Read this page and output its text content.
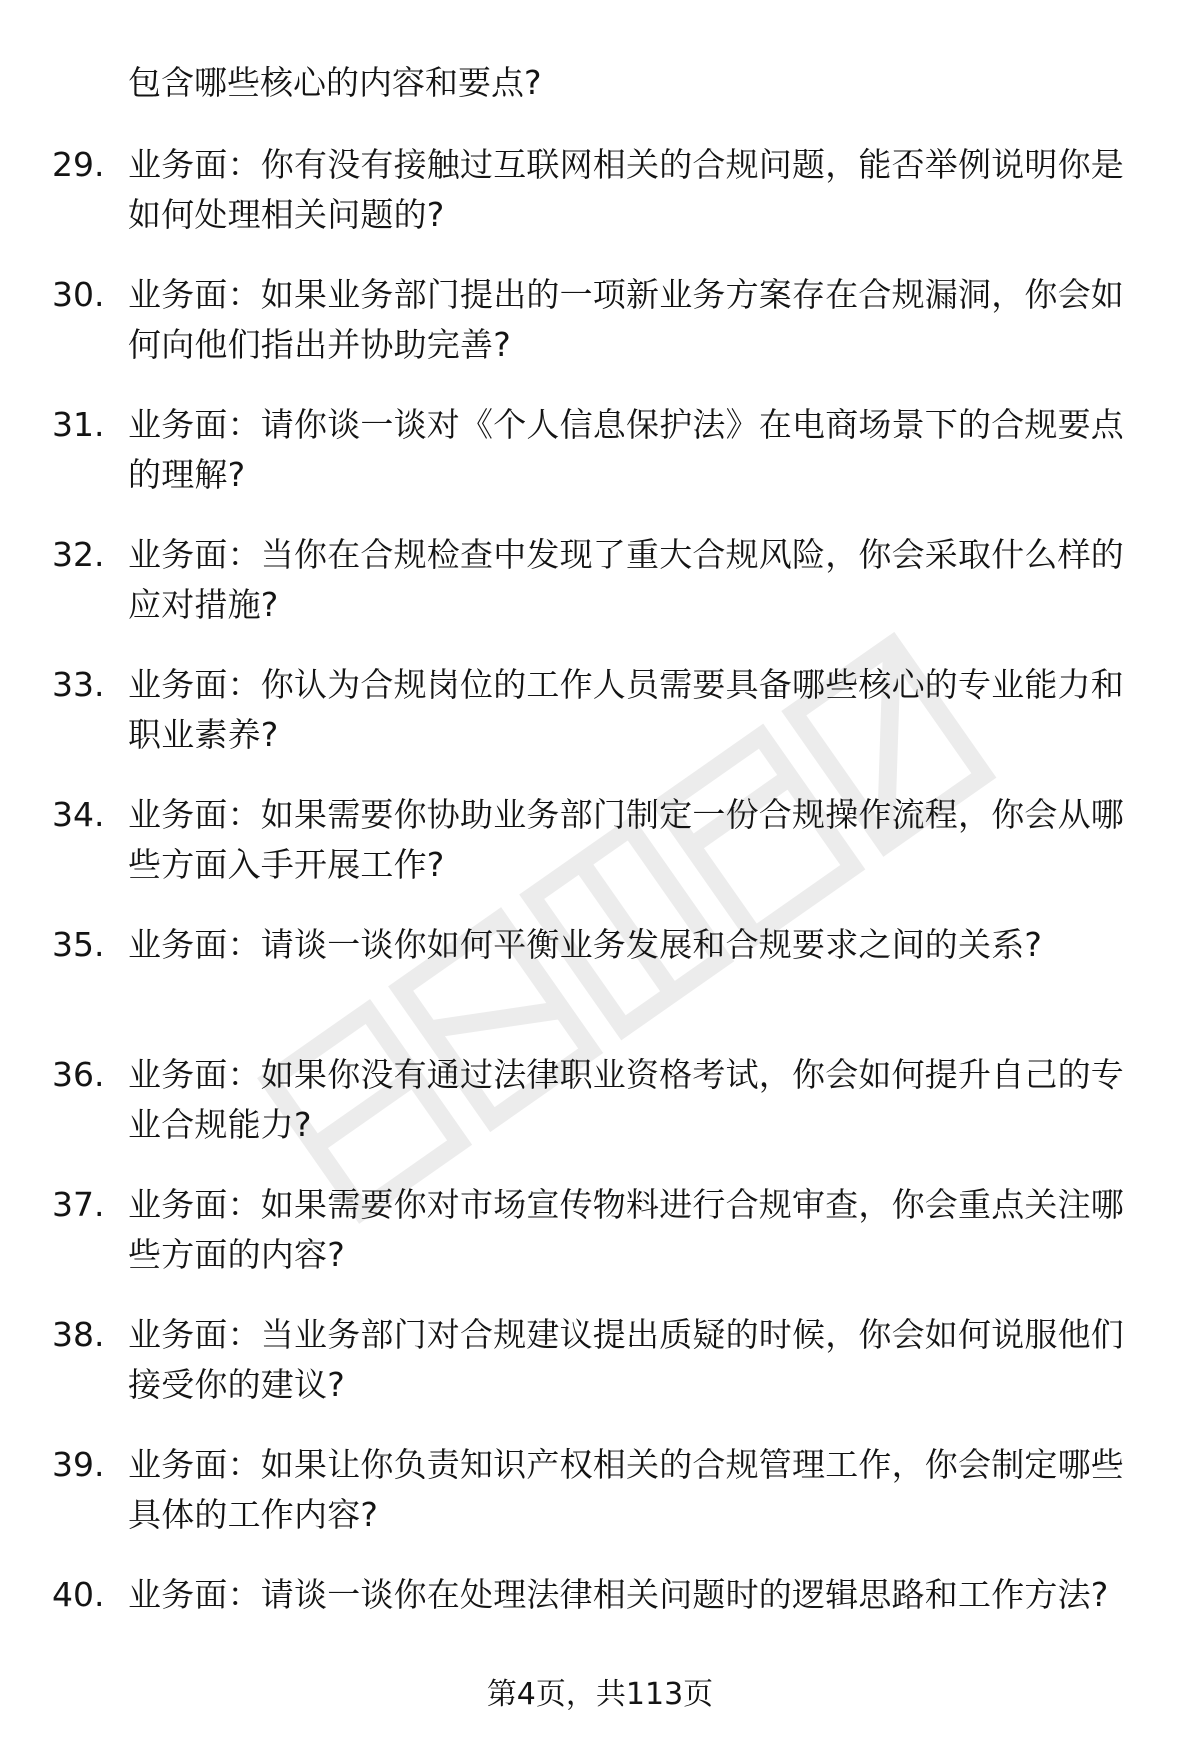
包含哪些核心的内容和要点?
29. 业务面：你有没有接触过互联网相关的合规问题，能否举例说明你是如何处理相关问题的?
30. 业务面：如果业务部门提出的一项新业务方案存在合规漏洞，你会如何向他们指出并协助完善?
31. 业务面：请你谈一谈对《个人信息保护法》在电商场景下的合规要点的理解?
32. 业务面：当你在合规检查中发现了重大合规风险，你会采取什么样的应对措施?
33. 业务面：你认为合规岗位的工作人员需要具备哪些核心的专业能力和职业素养?
34. 业务面：如果需要你协助业务部门制定一份合规操作流程，你会从哪些方面入手开展工作?
35. 业务面：请谈一谈你如何平衡业务发展和合规要求之间的关系?
36. 业务面：如果你没有通过法律职业资格考试，你会如何提升自己的专业合规能力?
37. 业务面：如果需要你对市场宣传物料进行合规审查，你会重点关注哪些方面的内容?
38. 业务面：当业务部门对合规建议提出质疑的时候，你会如何说服他们接受你的建议?
39. 业务面：如果让你负责知识产权相关的合规管理工作，你会制定哪些具体的工作内容?
40. 业务面：请谈一谈你在处理法律相关问题时的逻辑思路和工作方法?
第4页，共113页
